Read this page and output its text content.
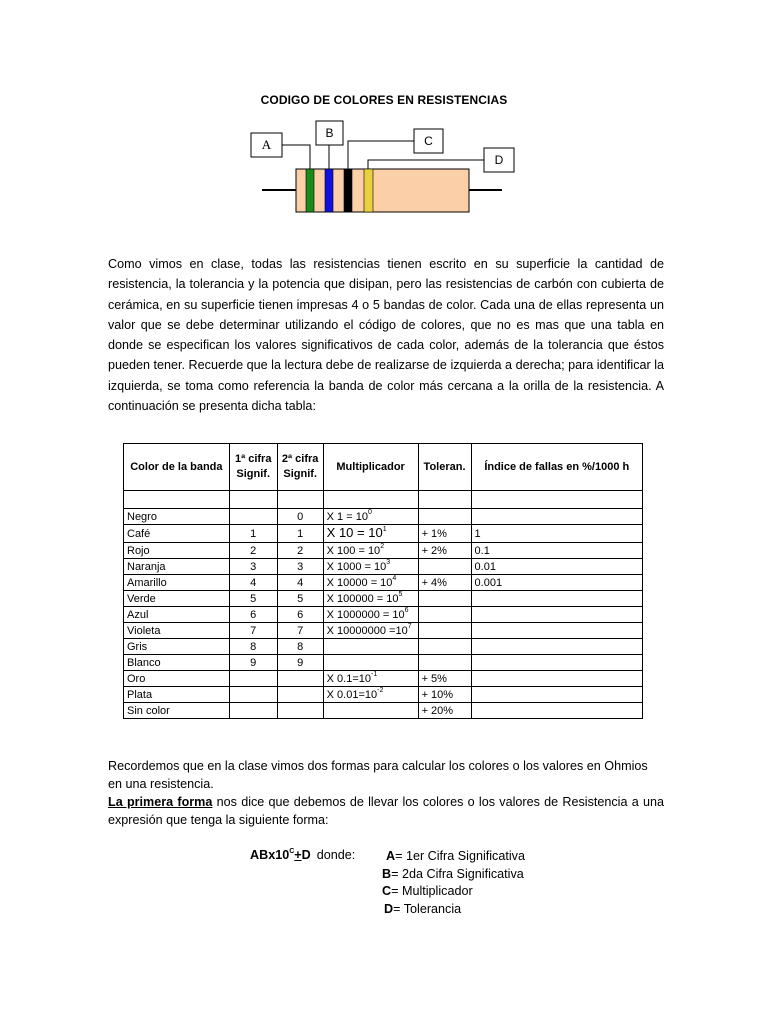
CODIGO DE COLORES EN RESISTENCIAS
A
B
C
D
Como vimos en clase, todas las resistencias tienen escrito en su superficie la cantidad de resistencia, la tolerancia y la potencia que disipan, pero las resistencias de carbón con cubierta de cerámica, en su superficie tienen impresas 4 o 5 bandas de color. Cada una de ellas representa un valor que se debe determinar utilizando el código de colores, que no es mas que una tabla en donde se especifican los valores significativos de cada color, además de la tolerancia que éstos pueden tener. Recuerde que la lectura debe de realizarse de izquierda a derecha; para identificar la izquierda, se toma como referencia la banda de color más cercana a la orilla de la resistencia. A continuación se presenta dicha tabla:
Color de la banda	1ª cifra Signif.	2ª cifra Signif.	Multiplicador	Toleran.	Índice de fallas en %/1000 h

Negro		0	X $1 = 10^0$		
Café	1	1	X $10 = 10^1$	+ 1%	1
Rojo	2	2	X $100 = 10^2$	+ 2%	0.1
Naranja	3	3	X $1000 = 10^3$		0.01
Amarillo	4	4	X $10000 = 10^4$	+ 4%	0.001
Verde	5	5	X $100000 = 10^5$		
Azul	6	6	X $1000000 = 10^6$		
Violeta	7	7	X $10000000 =10^7$		
Gris	8	8			
Blanco	9	9			
Oro			X $0.1=10^{-1}$	+ 5%	
Plata			X $0.01=10^{-2}$	+ 10%	
Sin color				+ 20%	
Recordemos que en la clase vimos dos formas para calcular los colores o los valores en Ohmios en una resistencia.
La primera forma nos dice que debemos de llevar los colores o los valores de Resistencia a una expresión que tenga la siguiente forma:
$ABx10^C+D$ donde:	A= 1er Cifra Significativa
B= 2da Cifra Significativa
C= Multiplicador
D= Tolerancia
